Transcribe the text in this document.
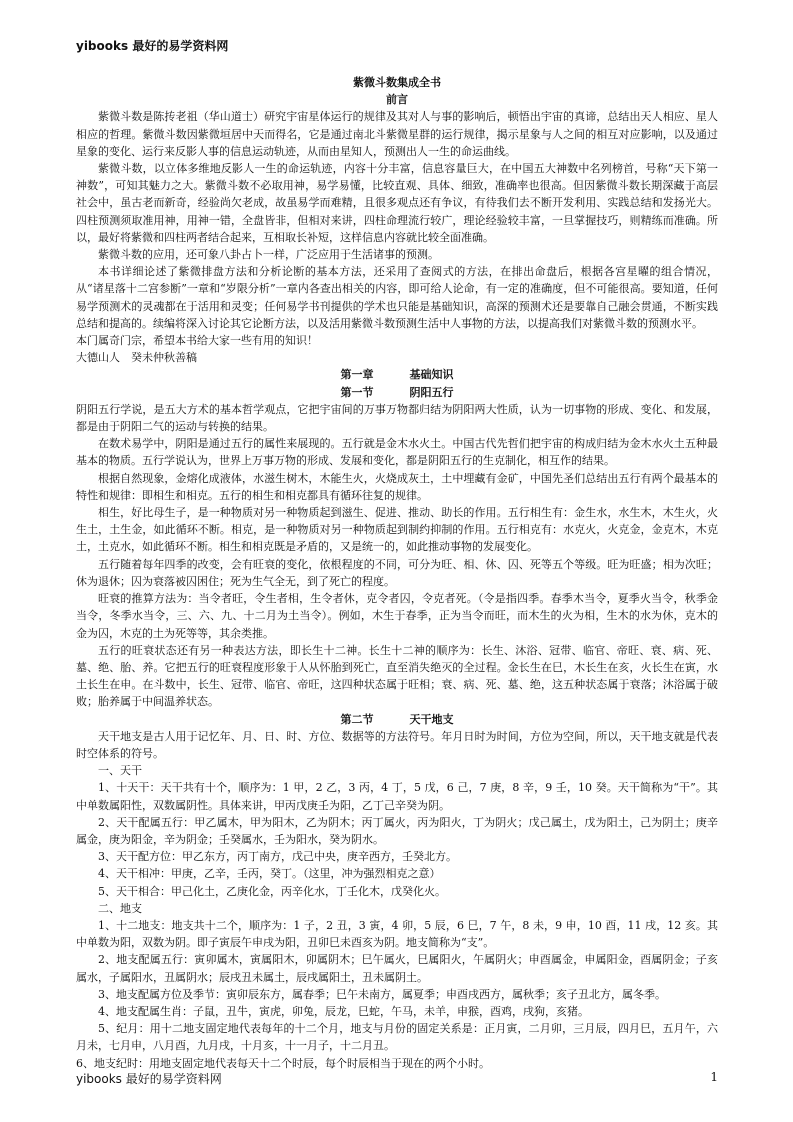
yibooks 最好的易学资料网

紫微斗数集成全书

前言

紫微斗数是陈抟老祖（华山道士）研究宇宙星体运行的规律及其对人与事的影响后，顿悟出宇宙的真谛，总结出天人相应、星人相应的哲理。紫微斗数因紫微垣居中天而得名，它是通过南北斗紫微星群的运行规律，揭示星象与人之间的相互对应影响，以及通过星象的变化、运行来反影人事的信息运动轨迹，从而由星知人，预测出人一生的命运曲线。

紫微斗数，以立体多维地反影人一生的命运轨迹，内容十分丰富，信息容量巨大，在中国五大神数中名列榜首，号称“天下第一神数”，可知其魅力之大。紫微斗数不必取用神，易学易懂，比较直观、具体、细致，准确率也很高。但因紫微斗数长期深藏于高层社会中，虽古老而新奇，经验尚欠老成，故虽易学而难精，且很多观点还有争议，有待我们去不断开发利用、实践总结和发扬光大。四柱预测须取准用神，用神一错，全盘皆非，但相对来讲，四柱命理流行较广，理论经验较丰富，一旦掌握技巧，则精练而准确。所以，最好将紫微和四柱两者结合起来，互相取长补短，这样信息内容就比较全面准确。

紫微斗数的应用，还可象八卦占卜一样，广泛应用于生活诸事的预测。

本书详细论述了紫微排盘方法和分析论断的基本方法，还采用了查阅式的方法，在排出命盘后，根据各宫星曜的组合情况，从“诸星落十二宫参断”一章和“岁限分析”一章内各查出相关的内容，即可给人论命，有一定的准确度，但不可能很高。要知道，任何易学预测术的灵魂都在于活用和灵变；任何易学书刊提供的学术也只能是基础知识，高深的预测术还是要靠自己融会贯通，不断实践总结和提高的。续编将深入讨论其它论断方法，以及活用紫微斗数预测生活中人事物的方法，以提高我们对紫微斗数的预测水平。

本门属奇门宗，希望本书给大家一些有用的知识！

大德山人　癸未仲秋善稿

第一章	基础知识

第一节	阴阳五行

阴阳五行学说，是五大方术的基本哲学观点，它把宇宙间的万事万物都归结为阴阳两大性质，认为一切事物的形成、变化、和发展，都是由于阴阳二气的运动与转换的结果。

在数术易学中，阴阳是通过五行的属性来展现的。五行就是金木水火土。中国古代先哲们把宇宙的构成归结为金木水火土五种最基本的物质。五行学说认为，世界上万事万物的形成、发展和变化，都是阴阳五行的生克制化，相互作的结果。

根据自然现象，金熔化成液体，水滋生树木，木能生火，火烧成灰土，土中埋藏有金矿，中国先圣们总结出五行有两个最基本的特性和规律：即相生和相克。五行的相生和相克都具有循环往复的规律。

相生，好比母生子，是一种物质对另一种物质起到滋生、促进、推动、助长的作用。五行相生有：金生水，水生木，木生火，火生土，土生金，如此循环不断。相克，是一种物质对另一种物质起到制约抑制的作用。五行相克有：水克火，火克金，金克木，木克土，土克水，如此循环不断。相生和相克既是矛盾的，又是统一的，如此推动事物的发展变化。

五行随着每年四季的改变，会有旺衰的变化，依根程度的不同，可分为旺、相、休、囚、死等五个等级。旺为旺盛；相为次旺；休为退休；囚为衰落被囚困住；死为生气全无，到了死亡的程度。

旺衰的推算方法为：当令者旺，令生者相，生令者休，克令者囚，令克者死。（令是指四季。春季木当令，夏季火当令，秋季金当令，冬季水当令，三、六、九、十二月为土当令）。例如，木生于春季，正为当令而旺，而木生的火为相，生木的水为休，克木的金为囚，木克的土为死等等，其余类推。

五行的旺衰状态还有另一种表达方法，即长生十二神。长生十二神的顺序为：长生、沐浴、冠带、临官、帝旺、衰、病、死、墓、绝、胎、养。它把五行的旺衰程度形象于人从怀胎到死亡，直至消失绝灭的全过程。金长生在巳，木长生在亥，火长生在寅，水土长生在申。在斗数中，长生、冠带、临官、帝旺，这四种状态属于旺相；衰、病、死、墓、绝，这五种状态属于衰落；沐浴属于破败；胎养属于中间温养状态。

第二节	天干地支

天干地支是古人用于记忆年、月、日、时、方位、数据等的方法符号。年月日时为时间，方位为空间，所以，天干地支就是代表时空体系的符号。

一、天干

1、十天干：天干共有十个，顺序为：1 甲，2 乙，3 丙，4 丁，5 戊，6 己，7 庚，8 辛，9 壬，10 癸。天干简称为“干”。其中单数属阳性，双数属阴性。具体来讲，甲丙戊庚壬为阳，乙丁己辛癸为阴。

2、天干配属五行：甲乙属木，甲为阳木，乙为阴木；丙丁属火，丙为阳火，丁为阴火；戊己属土，戊为阳土，己为阴土；庚辛属金，庚为阳金，辛为阴金；壬癸属水，壬为阳水，癸为阴水。

3、天干配方位：甲乙东方，丙丁南方，戊己中央，庚辛西方，壬癸北方。

4、天干相冲：甲庚，乙辛，壬丙，癸丁。（这里，冲为强烈相克之意）

5、天干相合：甲己化土，乙庚化金，丙辛化水，丁壬化木，戊癸化火。

二、地支

1、十二地支：地支共十二个，顺序为：1 子，2 丑，3 寅，4 卯，5 辰，6 巳，7 午，8 未，9 申，10 酉，11 戌，12 亥。其中单数为阳，双数为阴。即子寅辰午申戌为阳，丑卯巳未酉亥为阴。地支简称为“支”。

2、地支配属五行：寅卯属木，寅属阳木，卯属阴木；巳午属火，巳属阳火，午属阴火；申酉属金，申属阳金，酉属阴金；子亥属水，子属阳水，丑属阴水；辰戌丑未属土，辰戌属阳土，丑未属阴土。

3、地支配属方位及季节：寅卯辰东方，属春季；巳午未南方，属夏季；申酉戌西方，属秋季；亥子丑北方，属冬季。

4、地支配属生肖：子鼠，丑牛，寅虎，卯兔，辰龙，巳蛇，午马，未羊，申猴，酉鸡，戌狗，亥猪。

5、纪月：用十二地支固定地代表每年的十二个月，地支与月份的固定关系是：正月寅，二月卯，三月辰，四月巳，五月午，六月未，七月申，八月酉，九月戌，十月亥，十一月子，十二月丑。

6、地支纪时：用地支固定地代表每天十二个时辰，每个时辰相当于现在的两个小时。

yibooks 最好的易学资料网	1
